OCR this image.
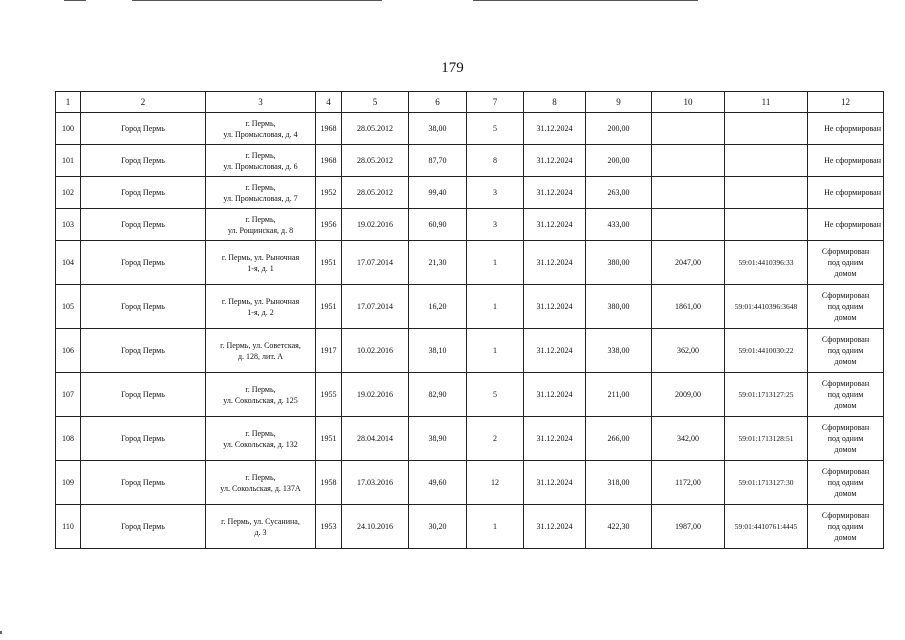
179
1	2	3	4	5	6	7	8	9	10	11	12
100	Город Пермь	г. Пермь,
ул. Промысловая, д. 4	1968	28.05.2012	38,00	5	31.12.2024	200,00			Не сформирован
101	Город Пермь	г. Пермь,
ул. Промысловая, д. 6	1968	28.05.2012	87,70	8	31.12.2024	200,00			Не сформирован
102	Город Пермь	г. Пермь,
ул. Промысловая, д. 7	1952	28.05.2012	99,40	3	31.12.2024	263,00			Не сформирован
103	Город Пермь	г. Пермь,
ул. Рощинская, д. 8	1956	19.02.2016	60,90	3	31.12.2024	433,00			Не сформирован
104	Город Пермь	г. Пермь, ул. Рыночная
1-я, д. 1	1951	17.07.2014	21,30	1	31.12.2024	380,00	2047,00	59:01:4410396:33	Сформирован
под одним
домом
105	Город Пермь	г. Пермь, ул. Рыночная
1-я, д. 2	1951	17.07.2014	16,20	1	31.12.2024	380,00	1861,00	59:01:4410396:3648	Сформирован
под одним
домом
106	Город Пермь	г. Пермь, ул. Советская,
д. 128, лит. А	1917	10.02.2016	38,10	1	31.12.2024	338,00	362,00	59:01:4410030:22	Сформирован
под одним
домом
107	Город Пермь	г. Пермь,
ул. Сокольская, д. 125	1955	19.02.2016	82,90	5	31.12.2024	211,00	2009,00	59:01:1713127:25	Сформирован
под одним
домом
108	Город Пермь	г. Пермь,
ул. Сокольская, д. 132	1951	28.04.2014	38,90	2	31.12.2024	266,00	342,00	59:01:1713128:51	Сформирован
под одним
домом
109	Город Пермь	г. Пермь,
ул. Сокольская, д. 137А	1958	17.03.2016	49,60	12	31.12.2024	318,00	1172,00	59:01:1713127:30	Сформирован
под одним
домом
110	Город Пермь	г. Пермь, ул. Сусанина,
д. 3	1953	24.10.2016	30,20	1	31.12.2024	422,30	1987,00	59:01:4410761:4445	Сформирован
под одним
домом
